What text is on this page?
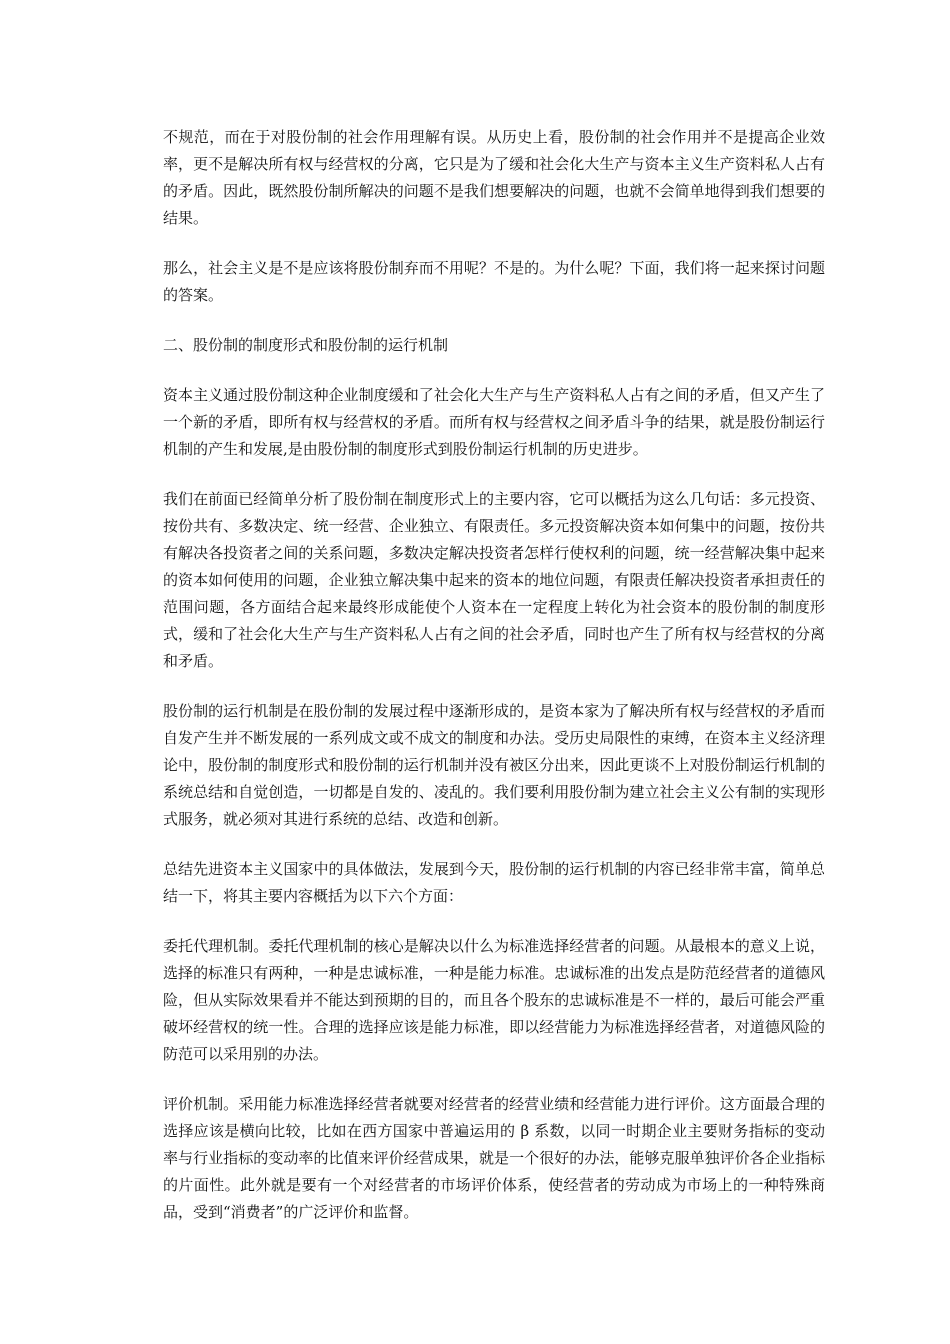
不规范，而在于对股份制的社会作用理解有误。从历史上看，股份制的社会作用并不是提高企业效率，更不是解决所有权与经营权的分离，它只是为了缓和社会化大生产与资本主义生产资料私人占有的矛盾。因此，既然股份制所解决的问题不是我们想要解决的问题，也就不会简单地得到我们想要的结果。

那么，社会主义是不是应该将股份制弃而不用呢？不是的。为什么呢？下面，我们将一起来探讨问题的答案。

二、股份制的制度形式和股份制的运行机制

资本主义通过股份制这种企业制度缓和了社会化大生产与生产资料私人占有之间的矛盾，但又产生了一个新的矛盾，即所有权与经营权的矛盾。而所有权与经营权之间矛盾斗争的结果，就是股份制运行机制的产生和发展,是由股份制的制度形式到股份制运行机制的历史进步。

我们在前面已经简单分析了股份制在制度形式上的主要内容，它可以概括为这么几句话：多元投资、按份共有、多数决定、统一经营、企业独立、有限责任。多元投资解决资本如何集中的问题，按份共有解决各投资者之间的关系问题，多数决定解决投资者怎样行使权利的问题，统一经营解决集中起来的资本如何使用的问题，企业独立解决集中起来的资本的地位问题，有限责任解决投资者承担责任的范围问题，各方面结合起来最终形成能使个人资本在一定程度上转化为社会资本的股份制的制度形式，缓和了社会化大生产与生产资料私人占有之间的社会矛盾，同时也产生了所有权与经营权的分离和矛盾。

股份制的运行机制是在股份制的发展过程中逐渐形成的，是资本家为了解决所有权与经营权的矛盾而自发产生并不断发展的一系列成文或不成文的制度和办法。受历史局限性的束缚，在资本主义经济理论中，股份制的制度形式和股份制的运行机制并没有被区分出来，因此更谈不上对股份制运行机制的系统总结和自觉创造，一切都是自发的、凌乱的。我们要利用股份制为建立社会主义公有制的实现形式服务，就必须对其进行系统的总结、改造和创新。

总结先进资本主义国家中的具体做法，发展到今天，股份制的运行机制的内容已经非常丰富，简单总结一下，将其主要内容概括为以下六个方面：

委托代理机制。委托代理机制的核心是解决以什么为标准选择经营者的问题。从最根本的意义上说，选择的标准只有两种，一种是忠诚标准，一种是能力标准。忠诚标准的出发点是防范经营者的道德风险，但从实际效果看并不能达到预期的目的，而且各个股东的忠诚标准是不一样的，最后可能会严重破坏经营权的统一性。合理的选择应该是能力标准，即以经营能力为标准选择经营者，对道德风险的防范可以采用别的办法。

评价机制。采用能力标准选择经营者就要对经营者的经营业绩和经营能力进行评价。这方面最合理的选择应该是横向比较，比如在西方国家中普遍运用的 β 系数，以同一时期企业主要财务指标的变动率与行业指标的变动率的比值来评价经营成果，就是一个很好的办法，能够克服单独评价各企业指标的片面性。此外就是要有一个对经营者的市场评价体系，使经营者的劳动成为市场上的一种特殊商品，受到“消费者”的广泛评价和监督。
